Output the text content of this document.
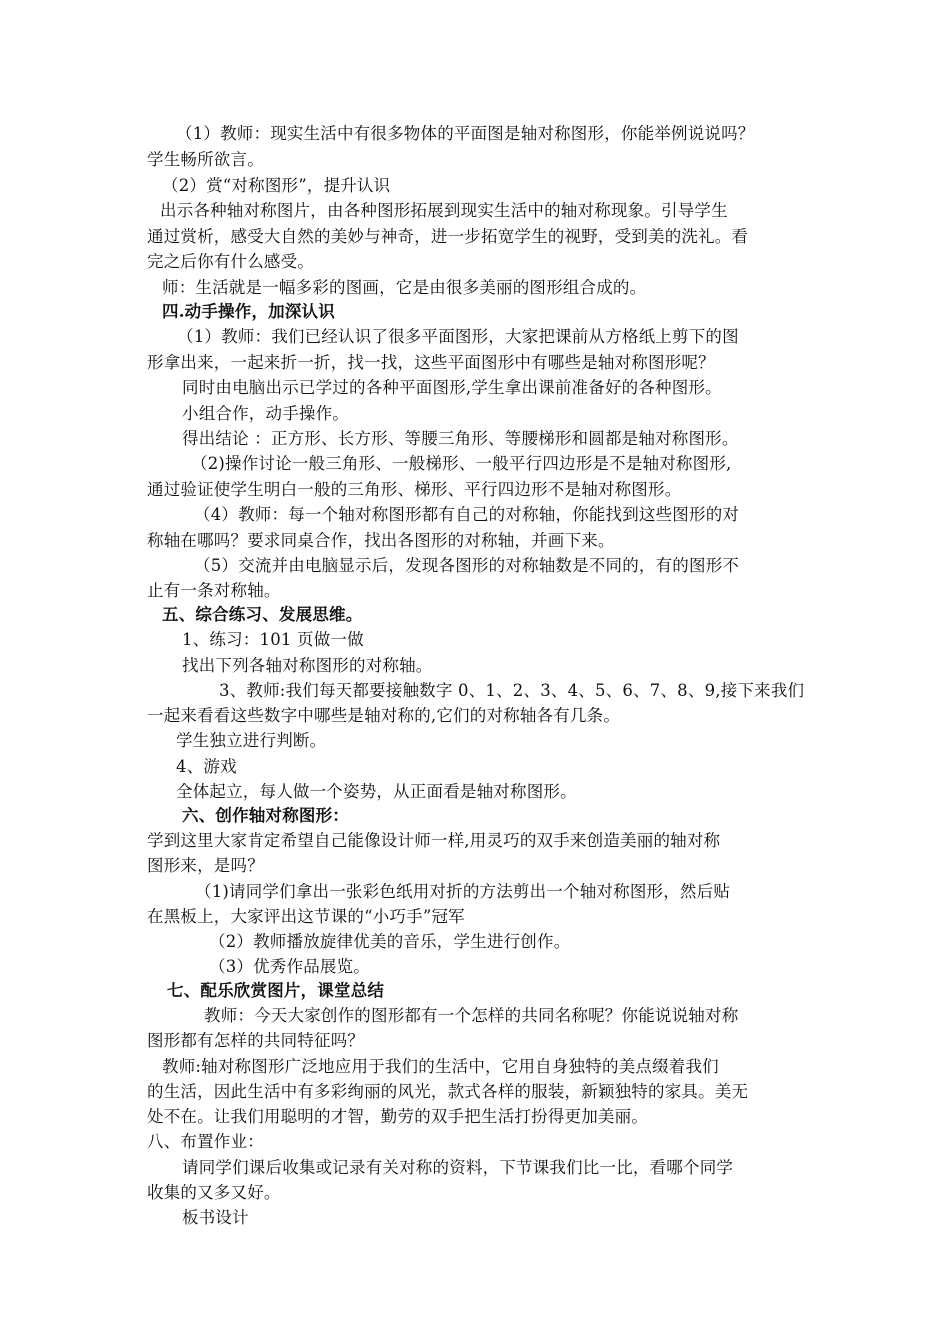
（1）教师：现实生活中有很多物体的平面图是轴对称图形，你能举例说说吗？
学生畅所欲言。
（2）赏“对称图形”，提升认识
出示各种轴对称图片，由各种图形拓展到现实生活中的轴对称现象。引导学生
通过赏析，感受大自然的美妙与神奇，进一步拓宽学生的视野，受到美的洗礼。看
完之后你有什么感受。
师：生活就是一幅多彩的图画，它是由很多美丽的图形组合成的。
四.动手操作，加深认识
（1）教师：我们已经认识了很多平面图形，大家把课前从方格纸上剪下的图
形拿出来，一起来折一折，找一找，这些平面图形中有哪些是轴对称图形呢？
同时由电脑出示已学过的各种平面图形,学生拿出课前准备好的各种图形。
小组合作，动手操作。
得出结论 ：正方形、长方形、等腰三角形、等腰梯形和圆都是轴对称图形。
（2)操作讨论一般三角形、一般梯形、一般平行四边形是不是轴对称图形,
通过验证使学生明白一般的三角形、梯形、平行四边形不是轴对称图形。
（4）教师：每一个轴对称图形都有自己的对称轴，你能找到这些图形的对
称轴在哪吗？要求同桌合作，找出各图形的对称轴，并画下来。
（5）交流并由电脑显示后，发现各图形的对称轴数是不同的，有的图形不
止有一条对称轴。
五、综合练习、发展思维。
1、练习：101 页做一做
找出下列各轴对称图形的对称轴。
3、教师:我们每天都要接触数字 0、1、2、3、4、5、6、7、8、9,接下来我们
一起来看看这些数字中哪些是轴对称的,它们的对称轴各有几条。
学生独立进行判断。
4、游戏
全体起立，每人做一个姿势，从正面看是轴对称图形。
六、创作轴对称图形：
学到这里大家肯定希望自己能像设计师一样,用灵巧的双手来创造美丽的轴对称
图形来，是吗？
（1)请同学们拿出一张彩色纸用对折的方法剪出一个轴对称图形，然后贴
在黑板上，大家评出这节课的“小巧手”冠军
（2）教师播放旋律优美的音乐，学生进行创作。
（3）优秀作品展览。
七、配乐欣赏图片，课堂总结
教师：今天大家创作的图形都有一个怎样的共同名称呢？你能说说轴对称
图形都有怎样的共同特征吗？
教师:轴对称图形广泛地应用于我们的生活中，它用自身独特的美点缀着我们
的生活，因此生活中有多彩绚丽的风光，款式各样的服装，新颖独特的家具。美无
处不在。让我们用聪明的才智，勤劳的双手把生活打扮得更加美丽。
八、布置作业：
请同学们课后收集或记录有关对称的资料，下节课我们比一比，看哪个同学
收集的又多又好。
板书设计
